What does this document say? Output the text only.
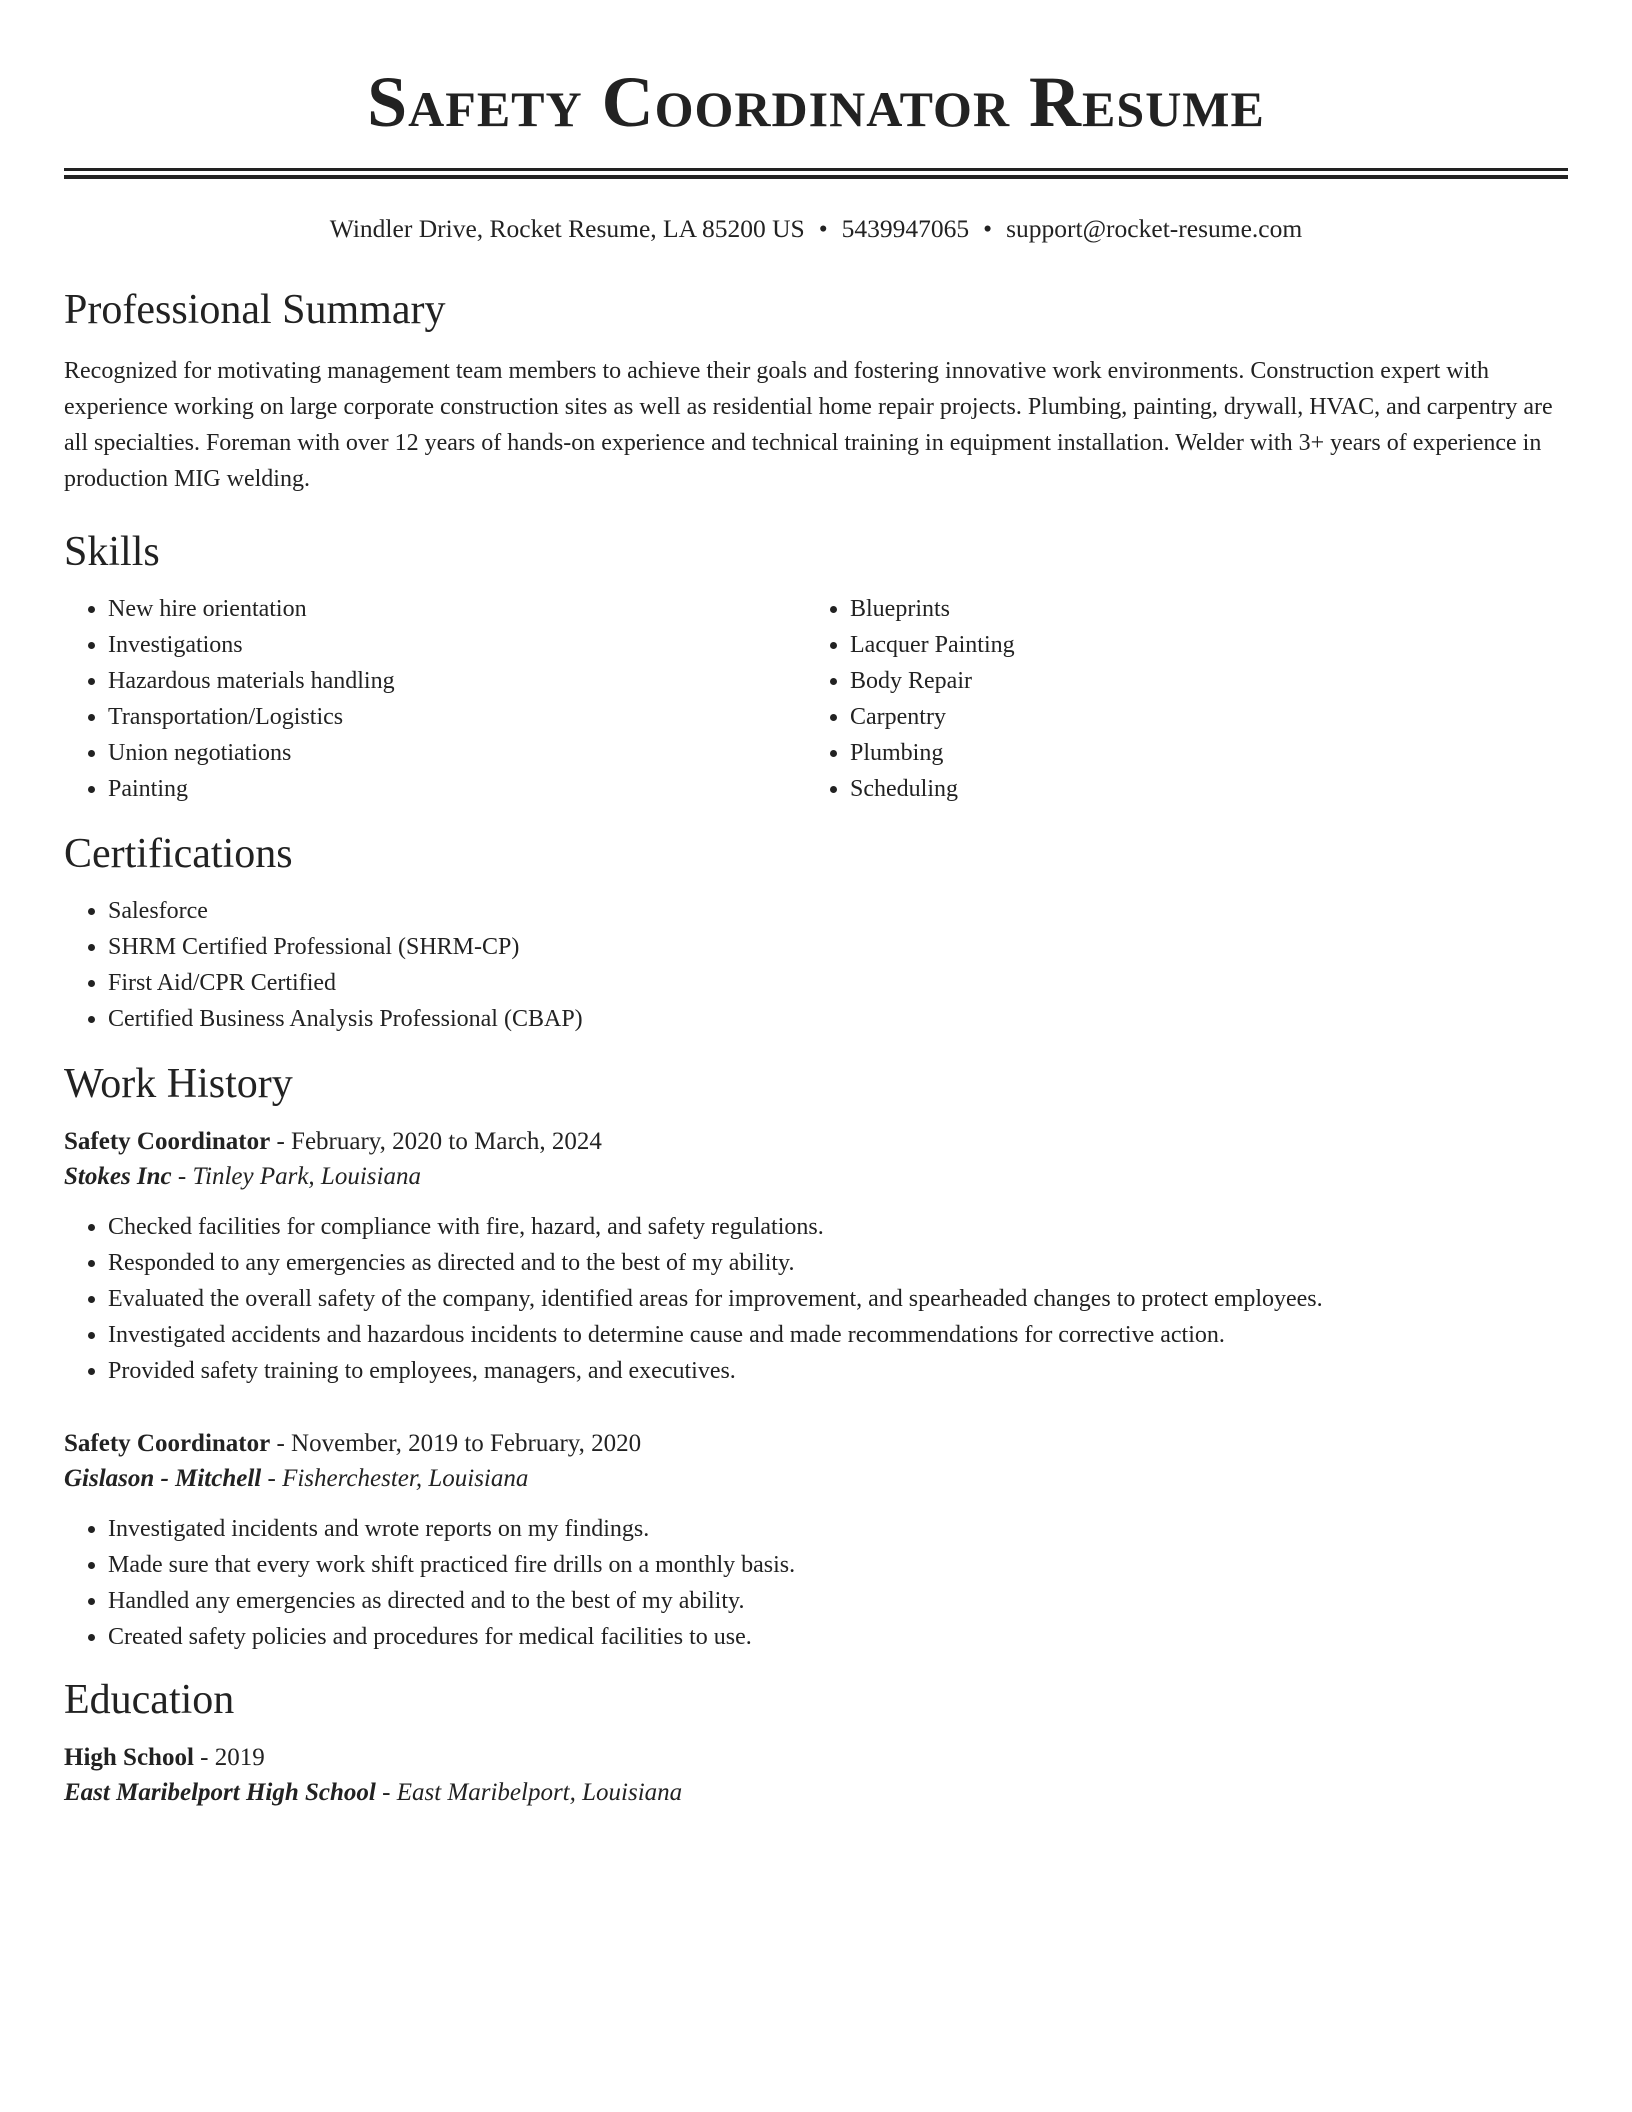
Safety Coordinator Resume
Windler Drive, Rocket Resume, LA 85200 US • 5439947065 • support@rocket-resume.com
Professional Summary

Recognized for motivating management team members to achieve their goals and fostering innovative work environments. Construction expert with experience working on large corporate construction sites as well as residential home repair projects. Plumbing, painting, drywall, HVAC, and carpentry are all specialties. Foreman with over 12 years of hands-on experience and technical training in equipment installation. Welder with 3+ years of experience in production MIG welding.

Skills
• New hire orientation
• Investigations
• Hazardous materials handling
• Transportation/Logistics
• Union negotiations
• Painting
• Blueprints
• Lacquer Painting
• Body Repair
• Carpentry
• Plumbing
• Scheduling
Certifications
• Salesforce
• SHRM Certified Professional (SHRM-CP)
• First Aid/CPR Certified
• Certified Business Analysis Professional (CBAP)
Work History
Safety Coordinator - February, 2020 to March, 2024
Stokes Inc - Tinley Park, Louisiana
• Checked facilities for compliance with fire, hazard, and safety regulations.
• Responded to any emergencies as directed and to the best of my ability.
• Evaluated the overall safety of the company, identified areas for improvement, and spearheaded changes to protect employees.
• Investigated accidents and hazardous incidents to determine cause and made recommendations for corrective action.
• Provided safety training to employees, managers, and executives.
Safety Coordinator - November, 2019 to February, 2020
Gislason - Mitchell - Fisherchester, Louisiana
• Investigated incidents and wrote reports on my findings.
• Made sure that every work shift practiced fire drills on a monthly basis.
• Handled any emergencies as directed and to the best of my ability.
• Created safety policies and procedures for medical facilities to use.
Education
High School - 2019
East Maribelport High School - East Maribelport, Louisiana
